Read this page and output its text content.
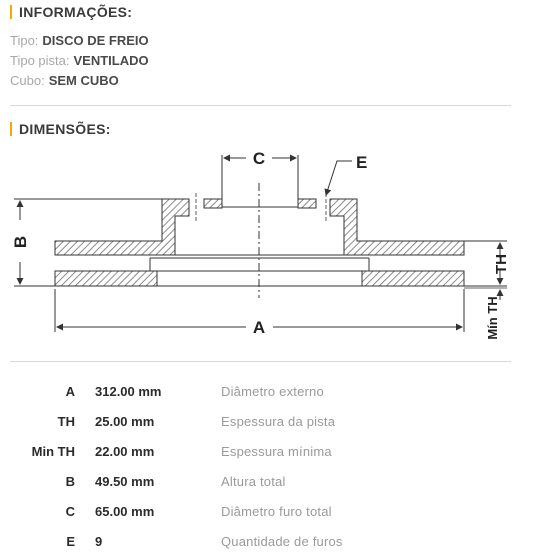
INFORMAÇÕES:
Tipo: DISCO DE FREIO
Tipo pista: VENTILADO
Cubo: SEM CUBO
DIMENSÕES:
C	E
B
A
TH
Mín TH
A 312.00 mm	Diâmetro externo
TH 25.00 mm	Espessura da pista
Min TH 22.00 mm	Espessura mínima
B 49.50 mm	Altura total
C 65.00 mm	Diâmetro furo total
E 9	Quantidade de furos
